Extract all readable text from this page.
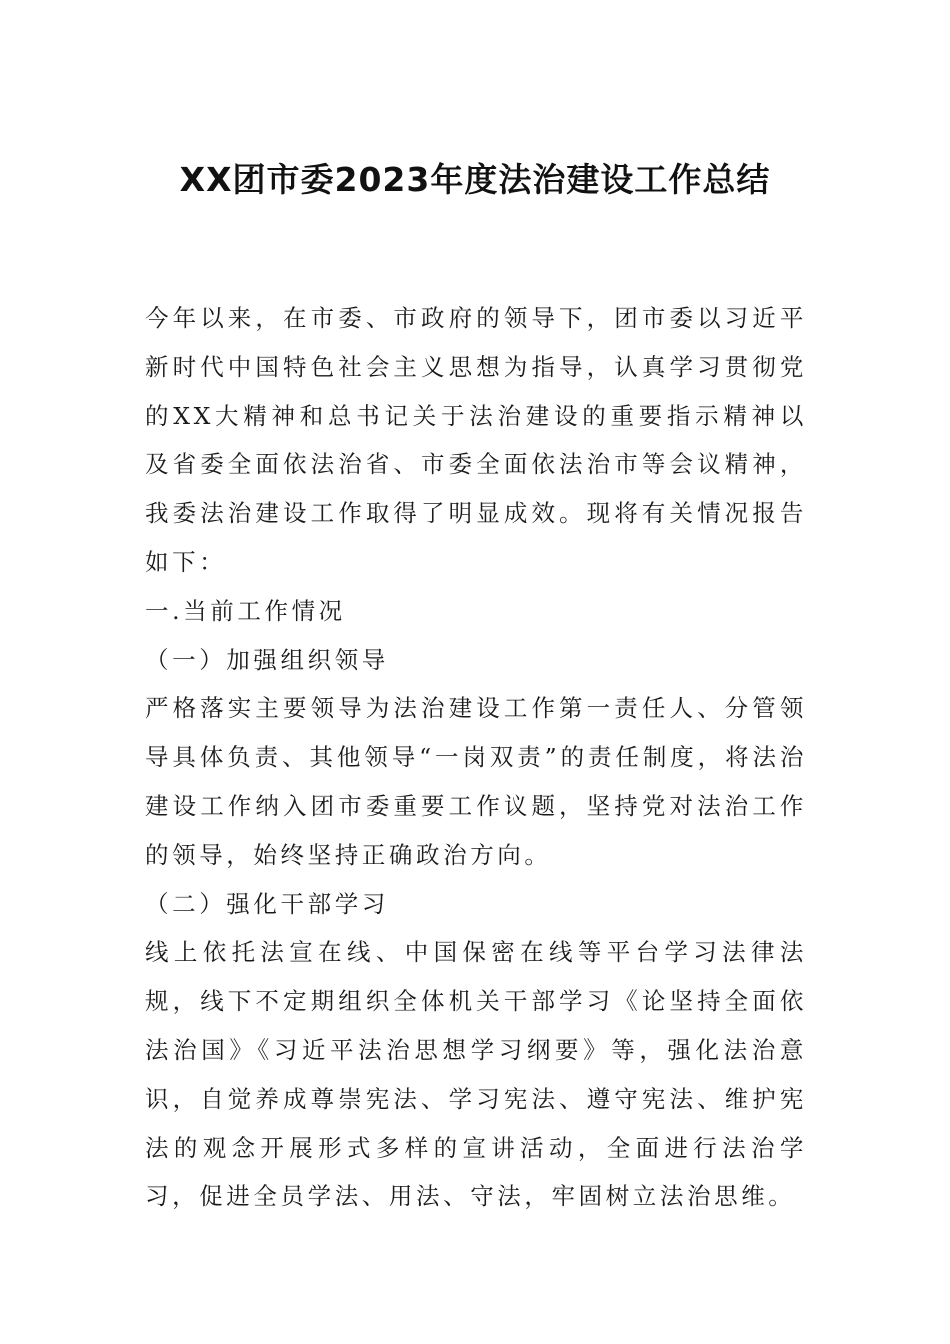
XX团市委2023年度法治建设工作总结

今年以来，在市委、市政府的领导下，团市委以习近平新时代中国特色社会主义思想为指导，认真学习贯彻党的XX大精神和总书记关于法治建设的重要指示精神以及省委全面依法治省、市委全面依法治市等会议精神，我委法治建设工作取得了明显成效。现将有关情况报告如下：

一.当前工作情况

（一）加强组织领导

严格落实主要领导为法治建设工作第一责任人、分管领导具体负责、其他领导“一岗双责”的责任制度，将法治建设工作纳入团市委重要工作议题，坚持党对法治工作的领导，始终坚持正确政治方向。

（二）强化干部学习

线上依托法宣在线、中国保密在线等平台学习法律法规，线下不定期组织全体机关干部学习《论坚持全面依法治国》《习近平法治思想学习纲要》等，强化法治意识，自觉养成尊崇宪法、学习宪法、遵守宪法、维护宪法的观念开展形式多样的宣讲活动，全面进行法治学习，促进全员学法、用法、守法，牢固树立法治思维。
